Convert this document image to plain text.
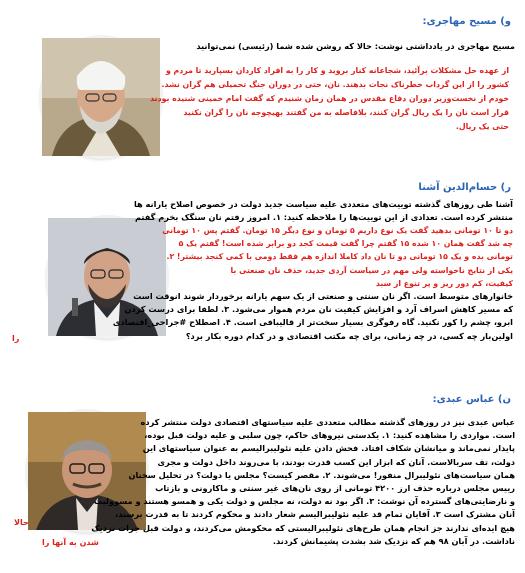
و) مسیح مهاجری:
مسیح مهاجری در یادداشتی نوشت: حالا که روشن شده شما (رئیسی) نمی‌توانید
از عهده حل مشکلات برآئید، شجاعانه کنار بروید و کار را به افراد کاردان بسپارید تا مردم و
کشور را از این گرداب خطرناک نجات بدهند. نان، حتی در دوران جنگ تحمیلی هم گران نشد.
خودم از نخست‌وزیر دوران دفاع مقدس در همان زمان شنیدم که گفت امام خمینی شنیده بودند
قرار است نان را یک ریال گران کنند، بلافاصله به من گفتند بهیچوجه نان را گران نکنید
حتی یک ریال.
ر) حسام‌الدین آشنا
آشنا طی روزهای گذشته توییت‌های متعددی علیه سیاست جدید دولت در خصوص اصلاح یارانه ها
منتشر کرده است. تعدادی از این توییت‌ها را ملاحظه کنید: ۱. امروز رفتم نان سنگک بخرم گفتم
دو تا ۱۰ تومانی بدهید گفت یک نوع داریم ۵ تومان و نوع دیگر ۱۵ تومان. گفتم پس ۱۰ تومانی
چه شد گفت همان ۱۰ شده ۱۵ گفتم چرا گفت قیمت کجد دو برابر شده است! گفتم یک ۵
تومانی بده و یک ۱۵ تومانی دو تا نان داد کاملا اندازه هم فقط دومی با کمی کنجد بیشتر! ۲.
یکی از نتایج ناخواسته ولی مهم در سیاست آردی جدید، حذف نان صنعتی با
کیفیت، کم دور ریز و پر تنوع از سبد
خانوارهای متوسط است. اگر نان سنتی و صنعتی از یک سهم یارانه برخوردار شوند انوقت است
که مسیر کاهش اسراف آرد و افزایش کیفیت نان مردم هموار می‌شود. ۳. لطفا برای درست کردن
ابرو، چشم را کور نکنید. گاه رفوگری بسیار سخت‌تر از قالیبافی است. ۴. اصطلاح #جراحی_اقتصادی
اولین‌بار چه کسی، در چه زمانی، برای چه مکتب اقتصادی و در کدام دوره بکار برد؟
را
ن) عباس عبدی:
عباس عبدی نیز در روزهای گذشته مطالب متعددی علیه سیاستهای اقتصادی دولت منتشر کرده
است. مواردی را مشاهده کنید: ۱. یکدستی نیروهای حاکم، چون سلبی و علیه دولت قبل بوده،
پایدار نمی‌ماند و میانشان شکاف افتاد. فحش دادن علیه نئولیبرالیسم به عنوان سیاستهای این
دولت، تف سربالاست. آنان که ابزار این کسب قدرت بودند، با می‌روند داخل دولت و مجری
همان سیاست‌های نئولیبرال منفور! می‌شوند. ۲. مقصر کیست؟ مجلس یا دولت؟ در تحلیل سخنان
رییس مجلس درباره حذف ارز ۴۲۰۰ تومانی از روی نان‌های غیر سنتی و ماکارونی و بازتاب
و نارضایتی‌های گسترده آن نوشت: ۳. اگر بود نه دولت، نه مجلس و دولت یکی و همسو هستند و مسوولیت
آنان مشترک است ۳. آقایان تمام قد علیه نئولیبرالیسم شعار دادند و محکوم کردند تا به قدرت برسند،
هیچ ایده‌ای ندارند جز انجام همان طرح‌های نئولیبرالیستی که محکومش می‌کردند، و دولت قبل جرات نزدیک
ناداشت. در آبان ۹۸ هم که نزدیک شد بشدت پشیمانش کردند.
حالا
شدن به آنها را
